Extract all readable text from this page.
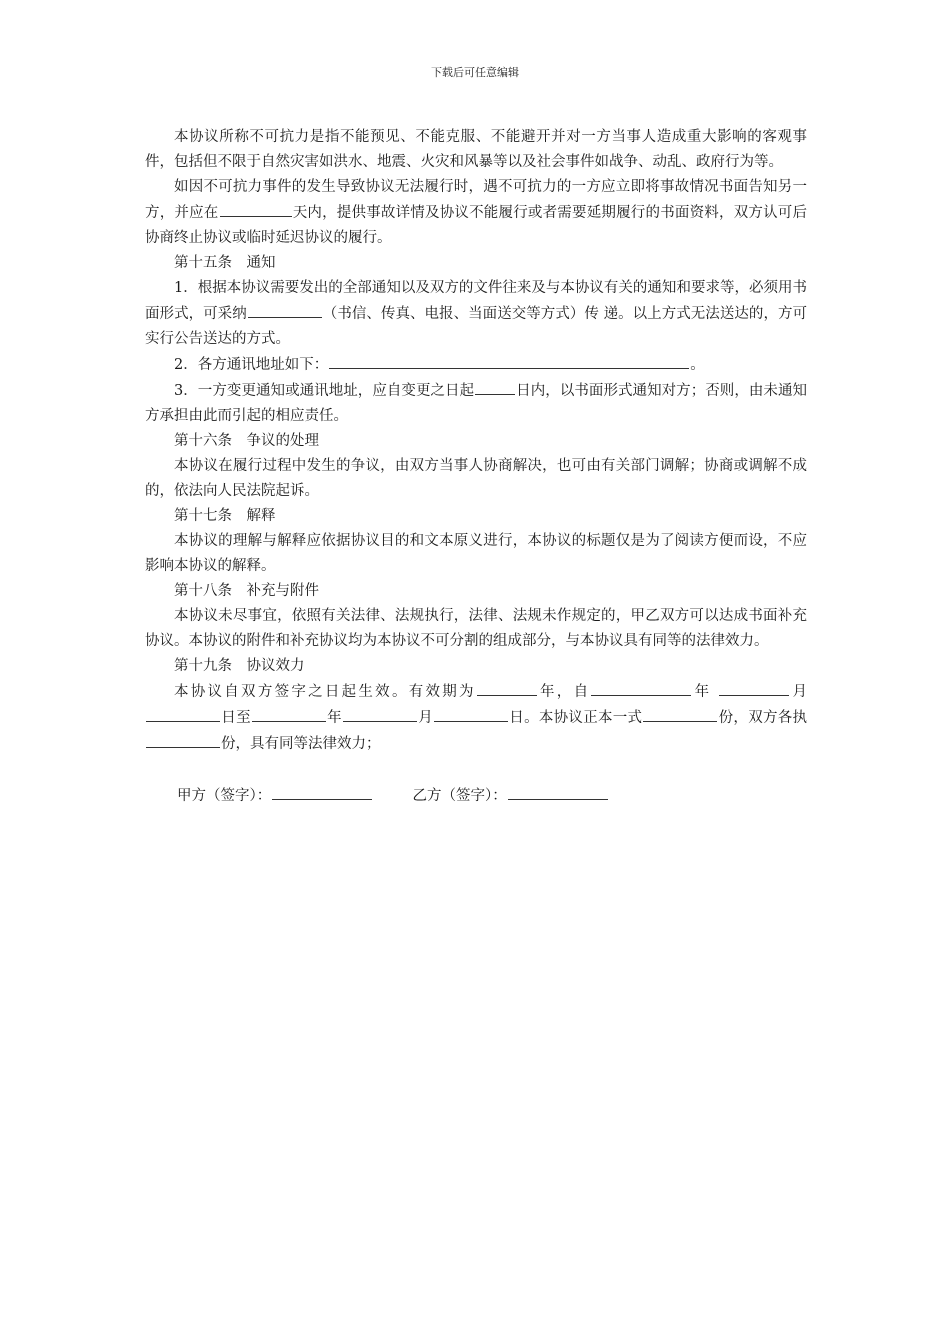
下载后可任意编辑

本协议所称不可抗力是指不能预见、不能克服、不能避开并对一方当事人造成重大影响的客观事件，包括但不限于自然灾害如洪水、地震、火灾和风暴等以及社会事件如战争、动乱、政府行为等。

如因不可抗力事件的发生导致协议无法履行时，遇不可抗力的一方应立即将事故情况书面告知另一方，并应在	天内，提供事故详情及协议不能履行或者需要延期履行的书面资料，双方认可后协商终止协议或临时延迟协议的履行。

第十五条　通知

1．根据本协议需要发出的全部通知以及双方的文件往来及与本协议有关的通知和要求等，必须用书面形式，可采纳	（书信、传真、电报、当面送交等方式）传 递。以上方式无法送达的，方可实行公告送达的方式。

2．各方通讯地址如下：	。

3．一方变更通知或通讯地址，应自变更之日起	日内，以书面形式通知对方；否则，由未通知方承担由此而引起的相应责任。

第十六条　争议的处理

本协议在履行过程中发生的争议，由双方当事人协商解决，也可由有关部门调解；协商或调解不成的，依法向人民法院起诉。

第十七条　解释

本协议的理解与解释应依据协议目的和文本原义进行，本协议的标题仅是为了阅读方便而设，不应影响本协议的解释。

第十八条　补充与附件

本协议未尽事宜，依照有关法律、法规执行，法律、法规未作规定的，甲乙双方可以达成书面补充协议。本协议的附件和补充协议均为本协议不可分割的组成部分，与本协议具有同等的法律效力。

第十九条　协议效力

本协议自双方签字之日起生效。有效期为	年，自	年	月日至	年	月	日。本协议正本一式	份，双方各执份，具有同等法律效力；

甲方（签字）：	乙方（签字）：
